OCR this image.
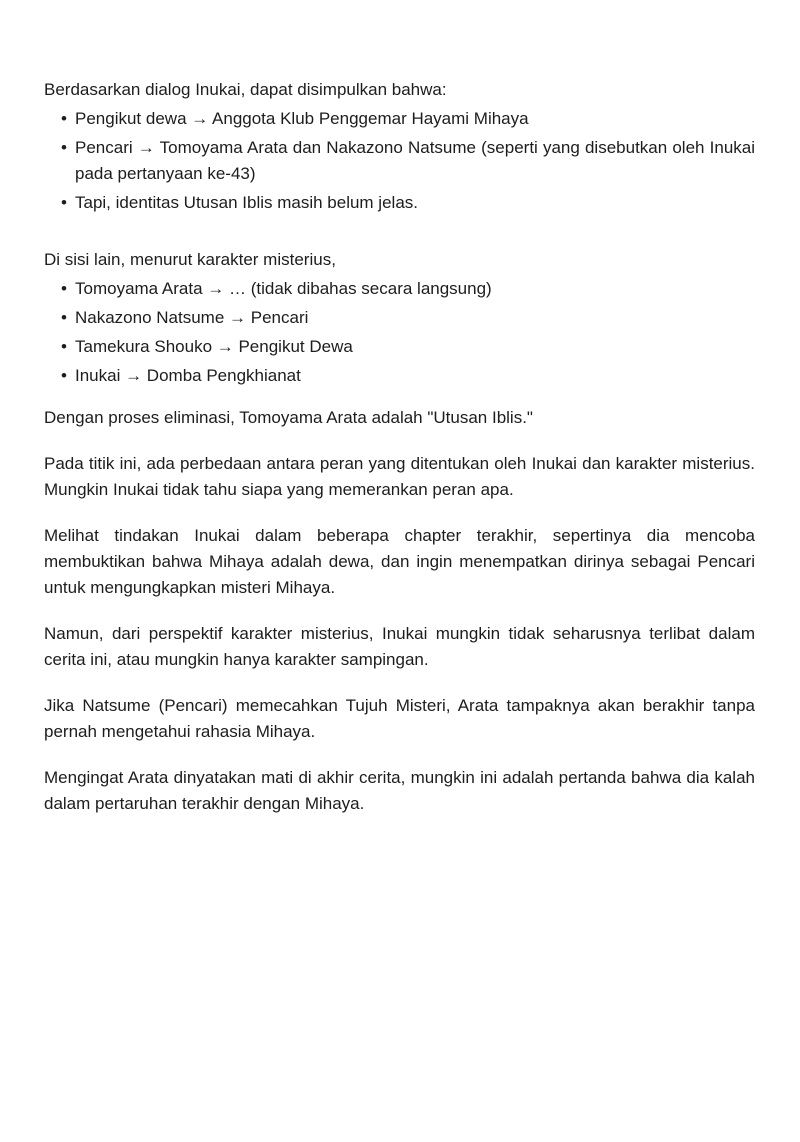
Berdasarkan dialog Inukai, dapat disimpulkan bahwa:

• Pengikut dewa → Anggota Klub Penggemar Hayami Mihaya
• Pencari → Tomoyama Arata dan Nakazono Natsume (seperti yang disebutkan oleh Inukai pada pertanyaan ke-43)
• Tapi, identitas Utusan Iblis masih belum jelas.

Di sisi lain, menurut karakter misterius,

• Tomoyama Arata → … (tidak dibahas secara langsung)
• Nakazono Natsume → Pencari
• Tamekura Shouko → Pengikut Dewa
• Inukai → Domba Pengkhianat

Dengan proses eliminasi, Tomoyama Arata adalah "Utusan Iblis."

Pada titik ini, ada perbedaan antara peran yang ditentukan oleh Inukai dan karakter misterius. Mungkin Inukai tidak tahu siapa yang memerankan peran apa.

Melihat tindakan Inukai dalam beberapa chapter terakhir, sepertinya dia mencoba membuktikan bahwa Mihaya adalah dewa, dan ingin menempatkan dirinya sebagai Pencari untuk mengungkapkan misteri Mihaya.

Namun, dari perspektif karakter misterius, Inukai mungkin tidak seharusnya terlibat dalam cerita ini, atau mungkin hanya karakter sampingan.

Jika Natsume (Pencari) memecahkan Tujuh Misteri, Arata tampaknya akan berakhir tanpa pernah mengetahui rahasia Mihaya.

Mengingat Arata dinyatakan mati di akhir cerita, mungkin ini adalah pertanda bahwa dia kalah dalam pertaruhan terakhir dengan Mihaya.
